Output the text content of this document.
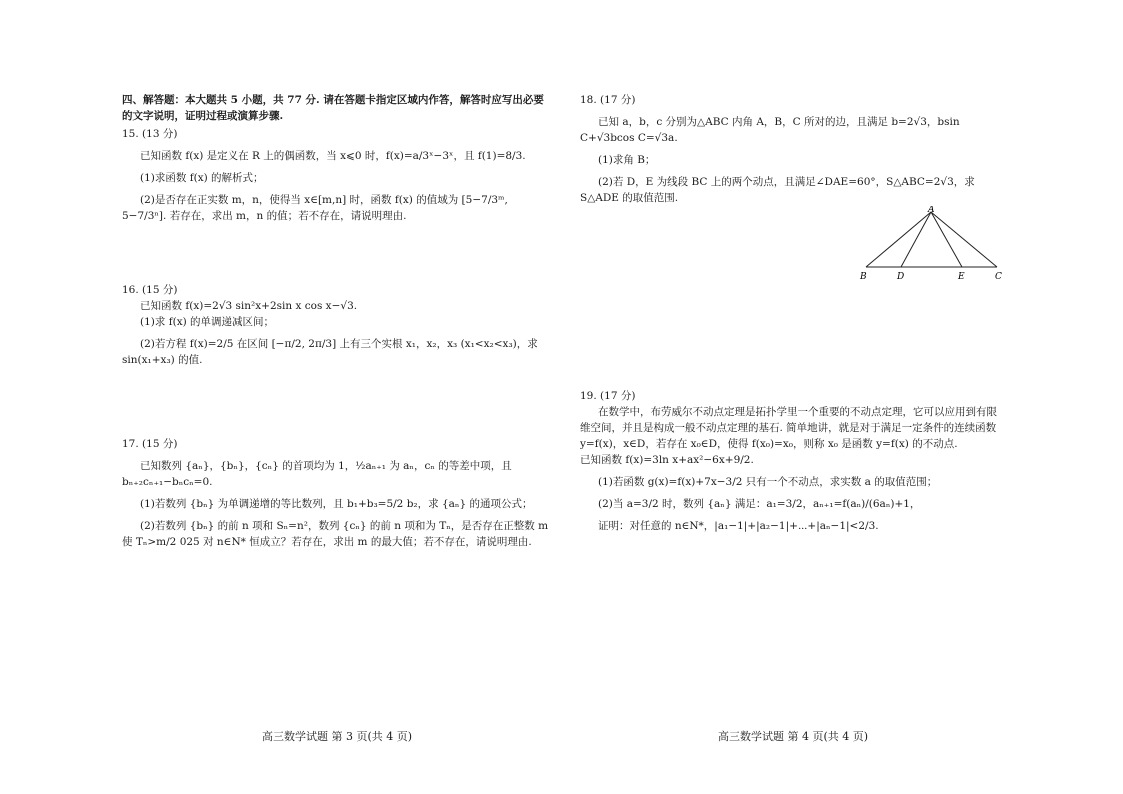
四、解答题：本大题共 5 小题，共 77 分. 请在答题卡指定区域内作答，解答时应写出必要的文字说明，证明过程或演算步骤.

15. (13 分)

已知函数 f(x) 是定义在 R 上的偶函数，当 x⩽0 时，f(x)=a/3ˣ−3ˣ，且 f(1)=8/3.

(1)求函数 f(x) 的解析式；

(2)是否存在正实数 m，n，使得当 x∈[m,n] 时，函数 f(x) 的值域为 [5−7/3ᵐ, 5−7/3ⁿ]. 若存在，求出 m，n 的值；若不存在，请说明理由.

16. (15 分)

已知函数 f(x)=2√3 sin²x+2sin x cos x−√3.

(1)求 f(x) 的单调递减区间；

(2)若方程 f(x)=2/5 在区间 [−π/2, 2π/3] 上有三个实根 x₁，x₂，x₃ (x₁<x₂<x₃)，求 sin(x₁+x₃) 的值.

17. (15 分)

已知数列 {aₙ}，{bₙ}，{cₙ} 的首项均为 1，½aₙ₊₁ 为 aₙ，cₙ 的等差中项，且 bₙ₊₂cₙ₊₁−bₙcₙ=0.

(1)若数列 {bₙ} 为单调递增的等比数列，且 b₁+b₃=5/2 b₂，求 {aₙ} 的通项公式；

(2)若数列 {bₙ} 的前 n 项和 Sₙ=n²，数列 {cₙ} 的前 n 项和为 Tₙ，是否存在正整数 m 使 Tₙ>m/2 025 对 n∈N* 恒成立？若存在，求出 m 的最大值；若不存在，请说明理由.

18. (17 分)

已知 a，b，c 分别为△ABC 内角 A，B，C 所对的边，且满足 b=2√3，bsin C+√3bcos C=√3a.

(1)求角 B；

(2)若 D，E 为线段 BC 上的两个动点，且满足∠DAE=60°，S△ABC=2√3，求 S△ADE 的取值范围.

19. (17 分)

在数学中，布劳威尔不动点定理是拓扑学里一个重要的不动点定理，它可以应用到有限维空间，并且是构成一般不动点定理的基石. 简单地讲，就是对于满足一定条件的连续函数 y=f(x)，x∈D，若存在 x₀∈D，使得 f(x₀)=x₀，则称 x₀ 是函数 y=f(x) 的不动点.

已知函数 f(x)=3ln x+ax²−6x+9/2.

(1)若函数 g(x)=f(x)+7x−3/2 只有一个不动点，求实数 a 的取值范围；

(2)当 a=3/2 时，数列 {aₙ} 满足：a₁=3/2，aₙ₊₁=f(aₙ)/(6aₙ)+1，

证明：对任意的 n∈N*，|a₁−1|+|a₂−1|+⋯+|aₙ−1|<2/3.

A
B	D	E	C
高三数学试题 第 3 页(共 4 页)	高三数学试题 第 4 页(共 4 页)
